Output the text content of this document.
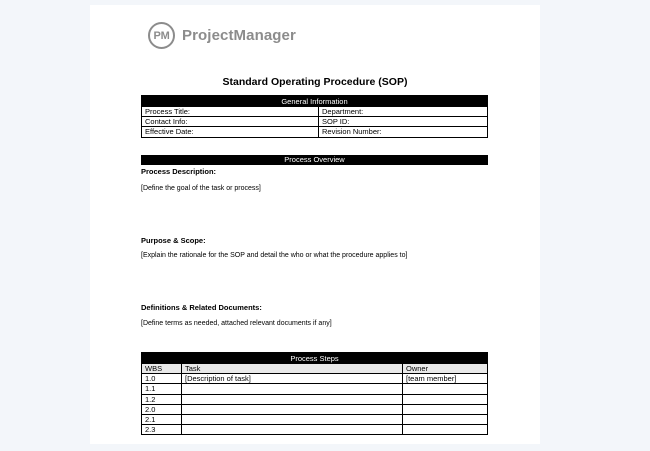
PM ProjectManager
Standard Operating Procedure (SOP)
General Information	
Process Title:	Department:
Contact Info:	SOP ID:
Effective Date:	Revision Number:
Process Overview
Process Description:
[Define the goal of the task or process]
Purpose & Scope:
[Explain the rationale for the SOP and detail the who or what the procedure applies to]
Definitions & Related Documents:
[Define terms as needed, attached relevant documents if any]
Process Steps		
WBS	Task	Owner
1.0	[Description of task]	[team member]
1.1		
1.2		
2.0		
2.1		
2.3		
